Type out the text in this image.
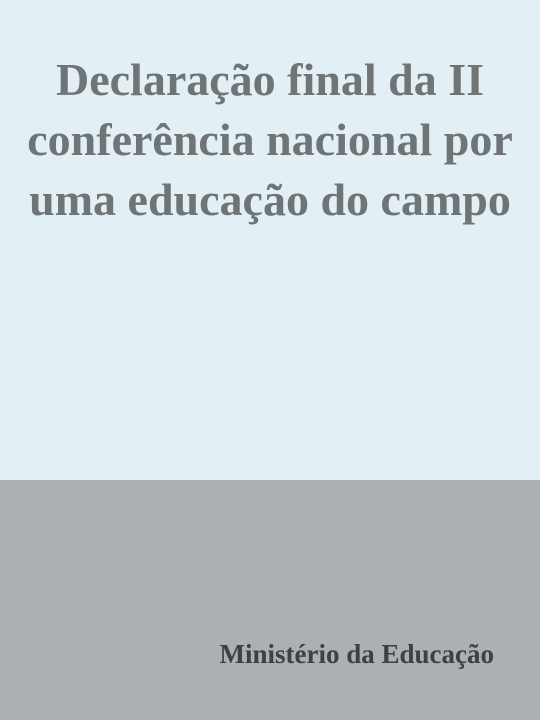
Declaração final da II conferência nacional por uma educação do campo

Ministério da Educação
